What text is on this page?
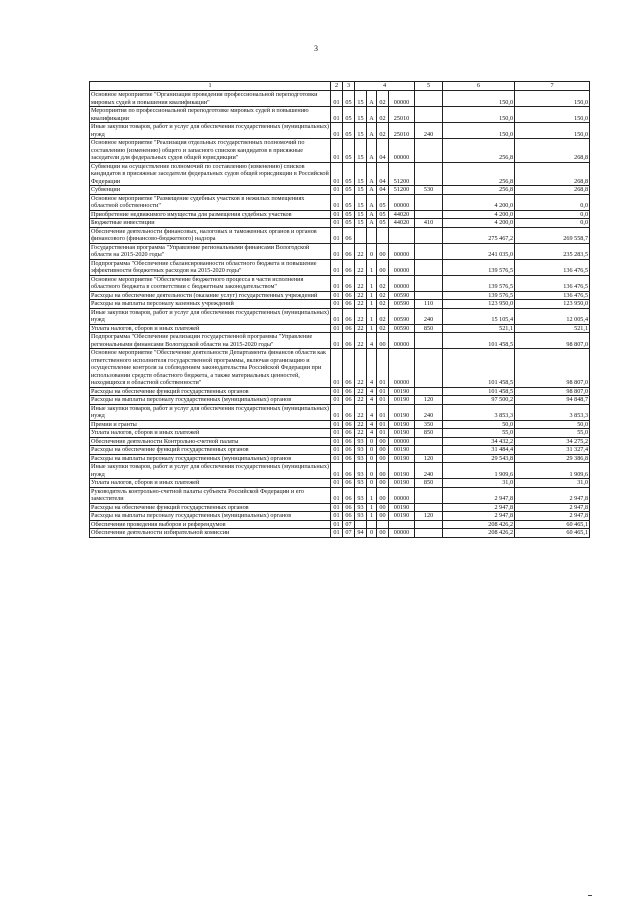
3
1	2	3	4				5	6	7
Основное мероприятие "Организация проведения профессиональной переподготовки мировых судей и повышения квалификации"	01	05	15	А	02	00000		150,0	150,0
Мероприятия по профессиональной переподготовке мировых судей и повышению квалификации	01	05	15	А	02	25010		150,0	150,0
Иные закупки товаров, работ и услуг для обеспечения государственных (муниципальных) нужд	01	05	15	А	02	25010	240	150,0	150,0
Основное мероприятие "Реализация отдельных государственных полномочий по составлению (изменению) общего и запасного списков кандидатов в присяжные заседатели для федеральных судов общей юрисдикции"	01	05	15	А	04	00000		256,8	268,8
Субвенции на осуществление полномочий по составлению (изменению) списков кандидатов в присяжные заседатели федеральных судов общей юрисдикции в Российской Федерации	01	05	15	А	04	51200		256,8	268,8
Субвенции	01	05	15	А	04	51200	530	256,8	268,8
Основное мероприятие "Размещение судебных участков в нежилых помещениях областной собственности"	01	05	15	А	05	00000		4 200,0	0,0
Приобретение недвижимого имущества для размещения судебных участков	01	05	15	А	05	44020		4 200,0	0,0
Бюджетные инвестиции	01	05	15	А	05	44020	410	4 200,0	0,0
Обеспечение деятельности финансовых, налоговых и таможенных органов и органов финансового (финансово-бюджетного) надзора	01	06						275 467,2	269 558,7
Государственная программа "Управление региональными финансами Вологодской области на 2015-2020 годы"	01	06	22	0	00	00000		241 035,0	235 283,5
Подпрограмма "Обеспечение сбалансированности областного бюджета и повышение эффективности бюджетных расходов на 2015-2020 годы"	01	06	22	1	00	00000		139 576,5	136 476,5
Основное мероприятие "Обеспечение бюджетного процесса в части исполнения областного бюджета в соответствии с бюджетным законодательством"	01	06	22	1	02	00000		139 576,5	136 476,5
Расходы на обеспечение деятельности (оказание услуг) государственных учреждений	01	06	22	1	02	00590		139 576,5	136 476,5
Расходы на выплаты персоналу казенных учреждений	01	06	22	1	02	00590	110	123 950,0	123 950,0
Иные закупки товаров, работ и услуг для обеспечения государственных (муниципальных) нужд	01	06	22	1	02	00590	240	15 105,4	12 005,4
Уплата налогов, сборов и иных платежей	01	06	22	1	02	00590	850	521,1	521,1
Подпрограмма "Обеспечение реализации государственной программы "Управление региональными финансами Вологодской области на 2015-2020 годы"	01	06	22	4	00	00000		101 458,5	98 807,0
Основное мероприятие "Обеспечение деятельности Департамента финансов области как ответственного исполнителя государственной программы, включая организацию и осуществление контроля за соблюдением законодательства Российской Федерации при использовании средств областного бюджета, а также материальных ценностей, находящихся в областной собственности"	01	06	22	4	01	00000		101 458,5	98 807,0
Расходы на обеспечение функций государственных органов	01	06	22	4	01	00190		101 458,5	98 807,0
Расходы на выплаты персоналу государственных (муниципальных) органов	01	06	22	4	01	00190	120	97 500,2	94 848,7
Иные закупки товаров, работ и услуг для обеспечения государственных (муниципальных) нужд	01	06	22	4	01	00190	240	3 853,3	3 853,3
Премии и гранты	01	06	22	4	01	00190	350	50,0	50,0
Уплата налогов, сборов и иных платежей	01	06	22	4	01	00190	850	55,0	55,0
Обеспечение деятельности Контрольно-счетной палаты	01	06	93	0	00	00000		34 432,2	34 275,2
Расходы на обеспечение функций государственных органов	01	06	93	0	00	00190		31 484,4	31 327,4
Расходы на выплаты персоналу государственных (муниципальных) органов	01	06	93	0	00	00190	120	29 543,8	29 386,8
Иные закупки товаров, работ и услуг для обеспечения государственных (муниципальных) нужд	01	06	93	0	00	00190	240	1 909,6	1 909,6
Уплата налогов, сборов и иных платежей	01	06	93	0	00	00190	850	31,0	31,0
Руководитель контрольно-счетной палаты субъекта Российской Федерации и его заместители	01	06	93	1	00	00000		2 947,8	2 947,8
Расходы на обеспечение функций государственных органов	01	06	93	1	00	00190		2 947,8	2 947,8
Расходы на выплаты персоналу государственных (муниципальных) органов	01	06	93	1	00	00190	120	2 947,8	2 947,8
Обеспечение проведения выборов и референдумов	01	07						208 426,2	60 465,1
Обеспечение деятельности избирательной комиссии	01	07	94	0	00	00000		208 426,2	60 465,1
